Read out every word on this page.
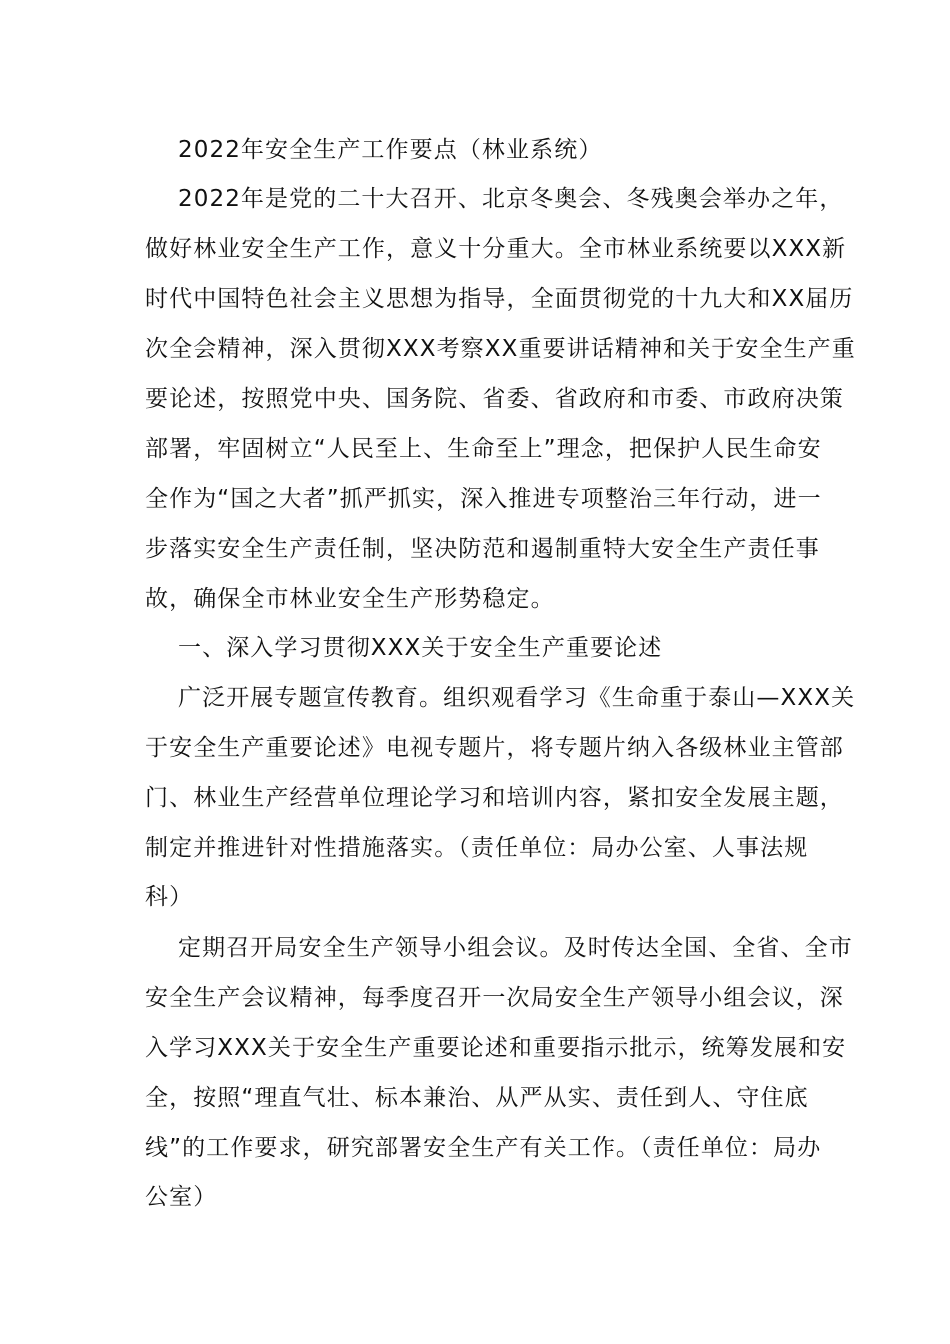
2022年安全生产工作要点（林业系统）
2022年是党的二十大召开、北京冬奥会、冬残奥会举办之年，
做好林业安全生产工作，意义十分重大。全市林业系统要以XXX新
时代中国特色社会主义思想为指导，全面贯彻党的十九大和XX届历
次全会精神，深入贯彻XXX考察XX重要讲话精神和关于安全生产重
要论述，按照党中央、国务院、省委、省政府和市委、市政府决策
部署，牢固树立“人民至上、生命至上”理念，把保护人民生命安
全作为“国之大者”抓严抓实，深入推进专项整治三年行动，进一
步落实安全生产责任制，坚决防范和遏制重特大安全生产责任事
故，确保全市林业安全生产形势稳定。
一、深入学习贯彻XXX关于安全生产重要论述
广泛开展专题宣传教育。组织观看学习《生命重于泰山—XXX关
于安全生产重要论述》电视专题片，将专题片纳入各级林业主管部
门、林业生产经营单位理论学习和培训内容，紧扣安全发展主题，
制定并推进针对性措施落实。（责任单位：局办公室、人事法规
科）
定期召开局安全生产领导小组会议。及时传达全国、全省、全市
安全生产会议精神，每季度召开一次局安全生产领导小组会议，深
入学习XXX关于安全生产重要论述和重要指示批示，统筹发展和安
全，按照“理直气壮、标本兼治、从严从实、责任到人、守住底
线”的工作要求，研究部署安全生产有关工作。（责任单位：局办
公室）
